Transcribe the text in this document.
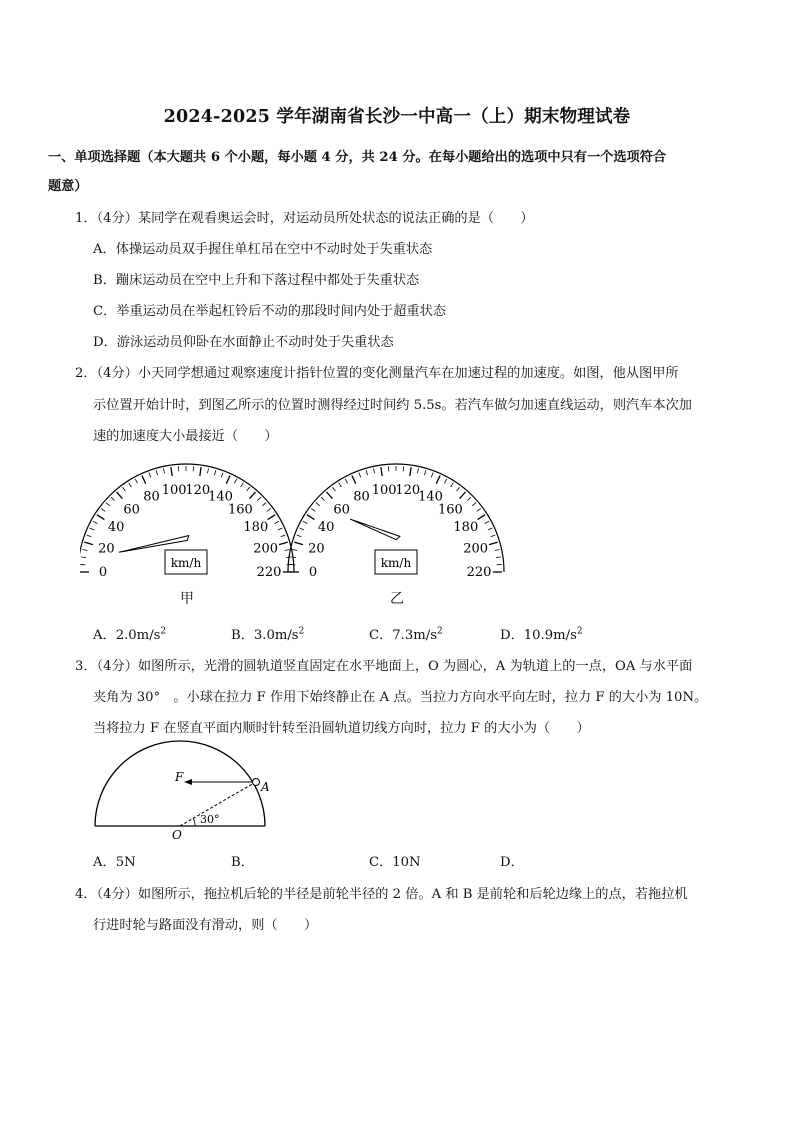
2024-2025 学年湖南省长沙一中高一（上）期末物理试卷
一、单项选择题（本大题共 6 个小题，每小题 4 分，共 24 分。在每小题给出的选项中只有一个选项符合
题意）
1．（4分）某同学在观看奥运会时，对运动员所处状态的说法正确的是（　　）
A．体操运动员双手握住单杠吊在空中不动时处于失重状态
B．蹦床运动员在空中上升和下落过程中都处于失重状态
C．举重运动员在举起杠铃后不动的那段时间内处于超重状态
D．游泳运动员仰卧在水面静止不动时处于失重状态
2．（4分）小天同学想通过观察速度计指针位置的变化测量汽车在加速过程的加速度。如图，他从图甲所
示位置开始计时，到图乙所示的位置时测得经过时间约 5.5s。若汽车做匀加速直线运动，则汽车本次加
速的加速度大小最接近（　　）
0
20
40
60
80 100
120
140
160
180
200
220
km/h
0
20
40
60
80 100
120
140
160
180
200
220
km/h
甲	乙
A．$2.0m/s^2$	B．$3.0m/s^2$	C．$7.3m/s^2$	D．$10.9m/s^2$
3．（4分）如图所示，光滑的圆轨道竖直固定在水平地面上，O 为圆心，A 为轨道上的一点，OA 与水平面
夹角为 30°　。小球在拉力 F 作用下始终静止在 A 点。当拉力方向水平向左时，拉力 F 的大小为 10N。
当将拉力 F 在竖直平面内顺时针转至沿圆轨道切线方向时，拉力 F 的大小为（　　）
F
A
O
30°
A．5N	B．	C．10N	D．
4．（4分）如图所示，拖拉机后轮的半径是前轮半径的 2 倍。A 和 B 是前轮和后轮边缘上的点，若拖拉机
行进时轮与路面没有滑动，则（　　）
